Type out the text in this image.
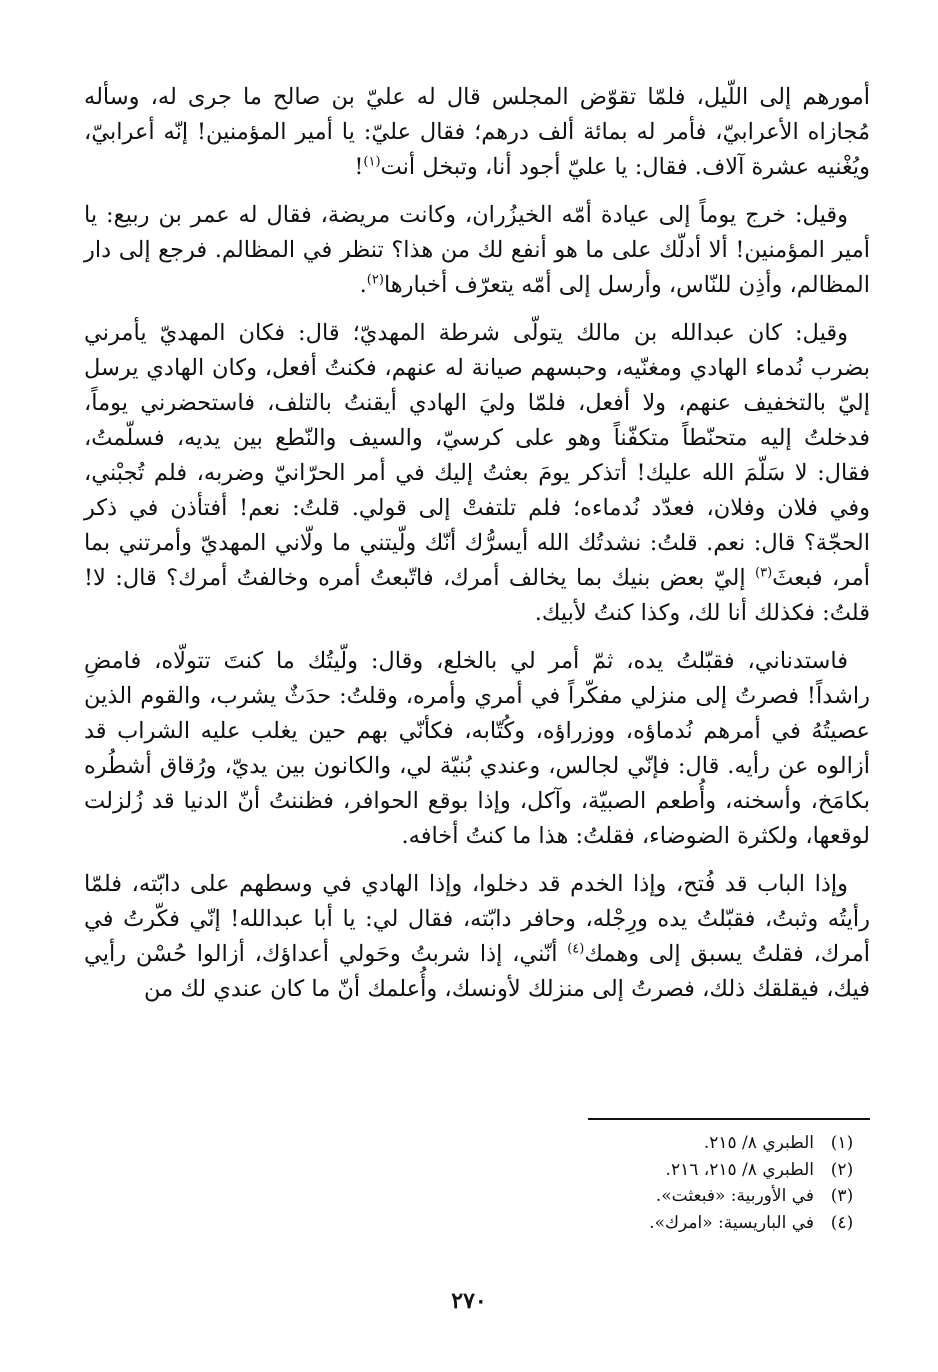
أمورهم إلى اللّيل، فلمّا تقوّض المجلس قال له عليّ بن صالح ما جرى له، وسأله مُجازاه الأعرابيّ، فأمر له بمائة ألف درهم؛ فقال عليّ: يا أمير المؤمنين! إنّه أعرابيّ، ويُغْنيه عشرة آلاف. فقال: يا عليّ أجود أنا، وتبخل أنت$^{(١)}$!

وقيل: خرج يوماً إلى عيادة أمّه الخيزُران، وكانت مريضة، فقال له عمر بن ربيع: يا أمير المؤمنين! ألا أدلّك على ما هو أنفع لك من هذا؟ تنظر في المظالم. فرجع إلى دار المظالم، وأذِن للنّاس، وأرسل إلى أمّه يتعرّف أخبارها$^{(٢)}$.

وقيل: كان عبدالله بن مالك يتولّى شرطة المهديّ؛ قال: فكان المهديّ يأمرني بضرب نُدماء الهادي ومغنّيه، وحبسهم صيانة له عنهم، فكنتُ أفعل، وكان الهادي يرسل إليّ بالتخفيف عنهم، ولا أفعل، فلمّا وليَ الهادي أيقنتُ بالتلف، فاستحضرني يوماً، فدخلتُ إليه متحنّطاً متكفّناً وهو على كرسيّ، والسيف والنّطع بين يديه، فسلّمتُ، فقال: لا سَلّمَ الله عليك! أتذكر يومَ بعثتُ إليك في أمر الحرّانيّ وضربه، فلم تُجبْني، وفي فلان وفلان، فعدّد نُدماءه؛ فلم تلتفتْ إلى قولي. قلتُ: نعم! أفتأذن في ذكر الحجّة؟ قال: نعم. قلتُ: نشدتُك الله أيسرُّك أنّك ولّيتني ما ولّاني المهديّ وأمرتني بما أمر، فبعثَ$^{(٣)}$ إليّ بعض بنيك بما يخالف أمرك، فاتّبعتُ أمره وخالفتُ أمرك؟ قال: لا! قلتُ: فكذلك أنا لك، وكذا كنتُ لأبيك.

فاستدناني، فقبّلتُ يده، ثمّ أمر لي بالخلع، وقال: ولّيتُك ما كنتَ تتولّاه، فامضِ راشداً! فصرتُ إلى منزلي مفكّراً في أمري وأمره، وقلتُ: حدَثٌ يشرب، والقوم الذين عصيتُهُ في أمرهم نُدماؤه، ووزراؤه، وكُتّابه، فكأنّي بهم حين يغلب عليه الشراب قد أزالوه عن رأيه. قال: فإنّي لجالس، وعندي بُنيّة لي، والكانون بين يديّ، ورُقاق أشطُره بكامَخ، وأسخنه، وأُطعم الصبيّة، وآكل، وإذا بوقع الحوافر، فظننتُ أنّ الدنيا قد زُلزلت لوقعها، ولكثرة الضوضاء، فقلتُ: هذا ما كنتُ أخافه.

وإذا الباب قد فُتح، وإذا الخدم قد دخلوا، وإذا الهادي في وسطهم على دابّته، فلمّا رأيتُه وثبتُ، فقبّلتُ يده ورِجْله، وحافر دابّته، فقال لي: يا أبا عبدالله! إنّي فكّرتُ في أمرك، فقلتُ يسبق إلى وهمك$^{(٤)}$ أنّني، إذا شربتُ وحَولي أعداؤك، أزالوا حُسْن رأيي فيك، فيقلقك ذلك، فصرتُ إلى منزلك لأونسك، وأُعلمك أنّ ما كان عندي لك من

(١)
الطبري ٨/ ٢١٥.
(٢)
الطبري ٨/ ٢١٥، ٢١٦.
(٣)
في الأوربية: «فبعثت».
(٤)
في الباريسية: «امرك».
٢٧٠
